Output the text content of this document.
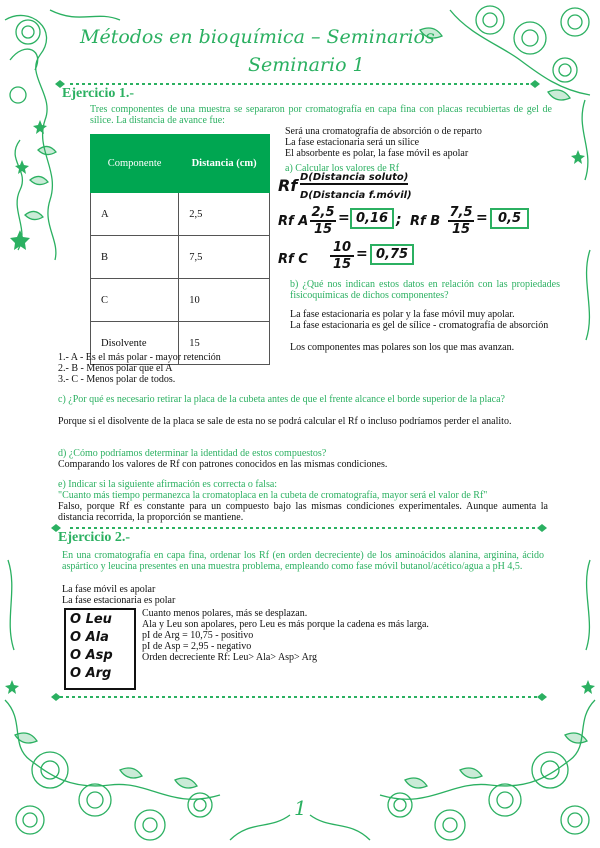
Métodos en bioquímica – Seminarios
Seminario 1
Ejercicio 1.-
Tres componentes de una muestra se separaron por cromatografía en capa fina con placas recubiertas de gel de sílice. La distancia de avance fue:
Componente	Distancia (cm)
A	2,5
B	7,5
C	10
Disolvente	15
Será una cromatografía de absorción o de reparto
La fase estacionaria será un sílice
El absorbente es polar, la fase móvil es apolar
a) Calcular los valores de Rf
Rf D(Distancia soluto)
D(Distancia f.móvil)
Rf A
2,5
15
= 0,16 ; Rf B
7,5
15
= 0,5
Rf C
10
15
= 0,75
b) ¿Qué nos indican estos datos en relación con las propiedades fisicoquímicas de dichos componentes?
La fase estacionaria es polar y la fase móvil muy apolar.
La fase estacionaria es gel de sílice - cromatografía de absorción
Los componentes mas polares son los que mas avanzan.
1.- A - Es el más polar - mayor retención
2.- B - Menos polar que el A
3.- C - Menos polar de todos.
c) ¿Por qué es necesario retirar la placa de la cubeta antes de que el frente alcance el borde superior de la placa?
Porque si el disolvente de la placa se sale de esta no se podrá calcular el Rf o incluso podríamos perder el analito.
d) ¿Cómo podríamos determinar la identidad de estos compuestos?
Comparando los valores de Rf con patrones conocidos en las mismas condiciones.
e) Indicar si la siguiente afirmación es correcta o falsa:
"Cuanto más tiempo permanezca la cromatoplaca en la cubeta de cromatografía, mayor será el valor de Rf"
Falso, porque Rf es constante para un compuesto bajo las mismas condiciones experimentales. Aunque aumenta la distancia recorrida, la proporción se mantiene.
Ejercicio 2.-
En una cromatografía en capa fina, ordenar los Rf (en orden decreciente) de los aminoácidos alanina, arginina, ácido aspártico y leucina presentes en una muestra problema, empleando como fase móvil butanol/acético/agua a pH 4,5.
La fase móvil es apolar
La fase estacionaria es polar
O Leu
O Ala
O Asp
O Arg
Cuanto menos polares, más se desplazan.
Ala y Leu son apolares, pero Leu es más porque la cadena es más larga.
pI de Arg = 10,75 - positivo
pI de Asp = 2,95 - negativo
Orden decreciente Rf: Leu> Ala> Asp> Arg
1
